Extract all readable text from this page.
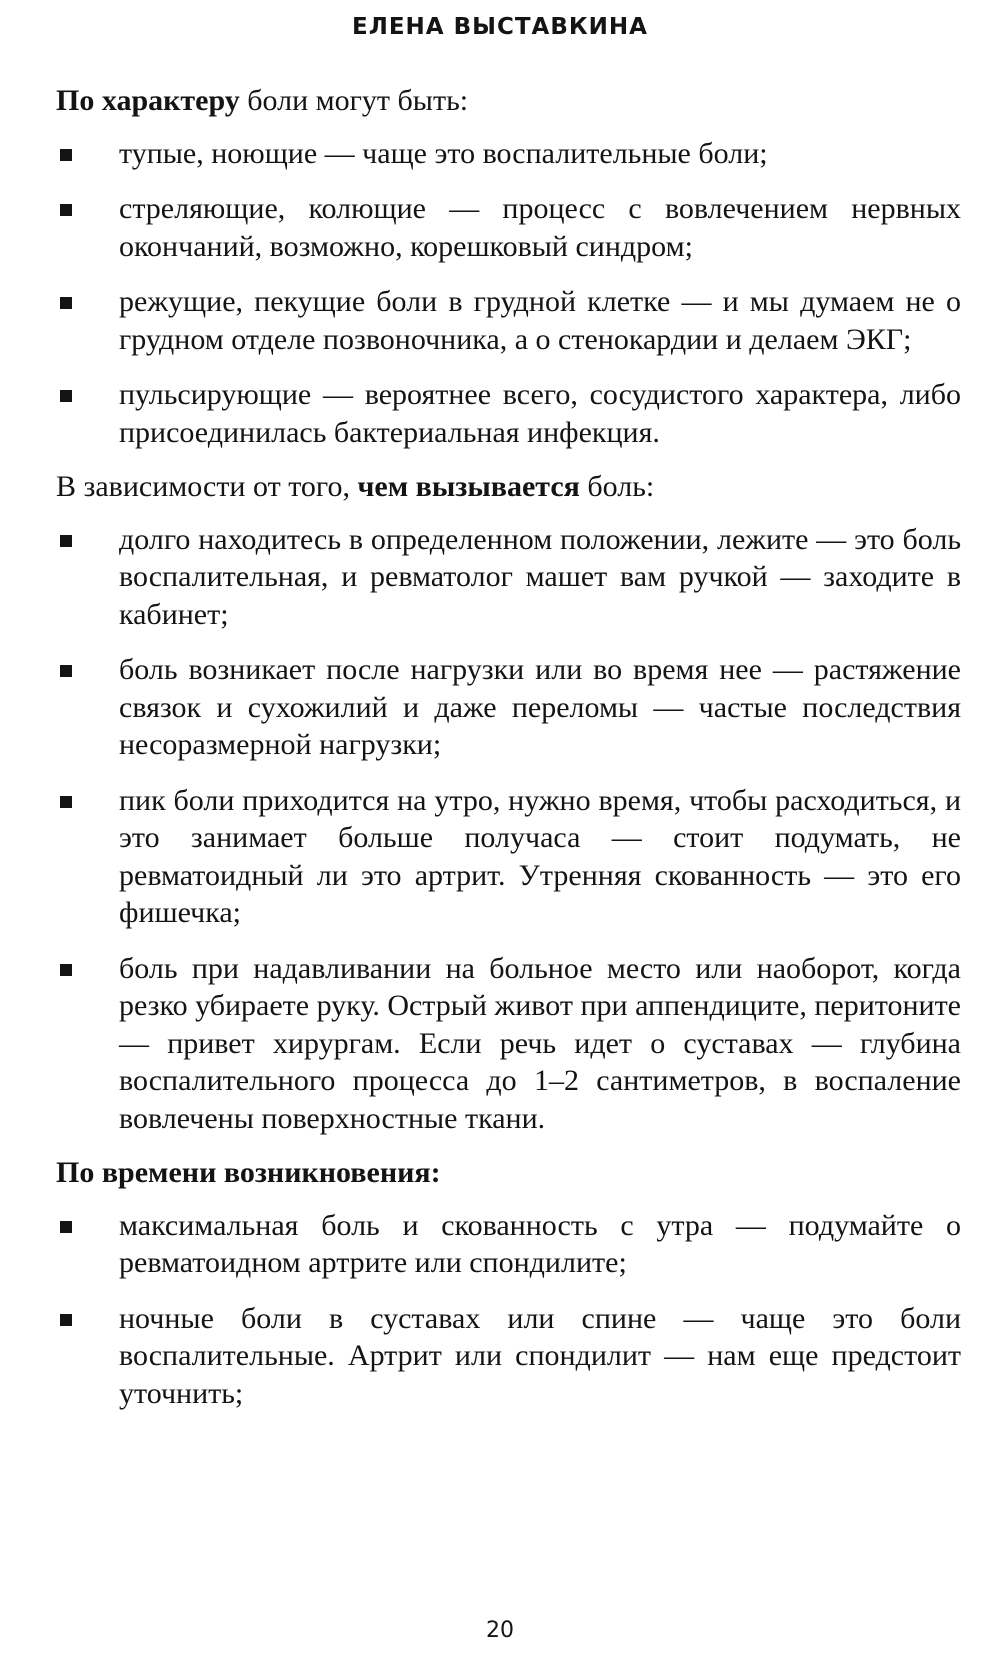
ЕЛЕНА ВЫСТАВКИНА

По характеру боли могут быть:

тупые, ноющие — чаще это воспалительные боли;
стреляющие, колющие — процесс с вовлечением нервных окончаний, возможно, корешковый синдром;
режущие, пекущие боли в грудной клетке — и мы думаем не о грудном отделе позвоночника, а о стенокардии и делаем ЭКГ;
пульсирующие — вероятнее всего, сосудистого характера, либо присоединилась бактериальная инфекция.

В зависимости от того, чем вызывается боль:

долго находитесь в определенном положении, лежите — это боль воспалительная, и ревматолог машет вам ручкой — заходите в кабинет;
боль возникает после нагрузки или во время нее — растяжение связок и сухожилий и даже переломы — частые последствия несоразмерной нагрузки;
пик боли приходится на утро, нужно время, чтобы расходиться, и это занимает больше получаса — стоит подумать, не ревматоидный ли это артрит. Утренняя скованность — это его фишечка;
боль при надавливании на больное место или наоборот, когда резко убираете руку. Острый живот при аппендиците, перитоните — привет хирургам. Если речь идет о суставах — глубина воспалительного процесса до 1–2 сантиметров, в воспаление вовлечены поверхностные ткани.

По времени возникновения:

максимальная боль и скованность с утра — подумайте о ревматоидном артрите или спондилите;
ночные боли в суставах или спине — чаще это боли воспалительные. Артрит или спондилит — нам еще предстоит уточнить;
20
